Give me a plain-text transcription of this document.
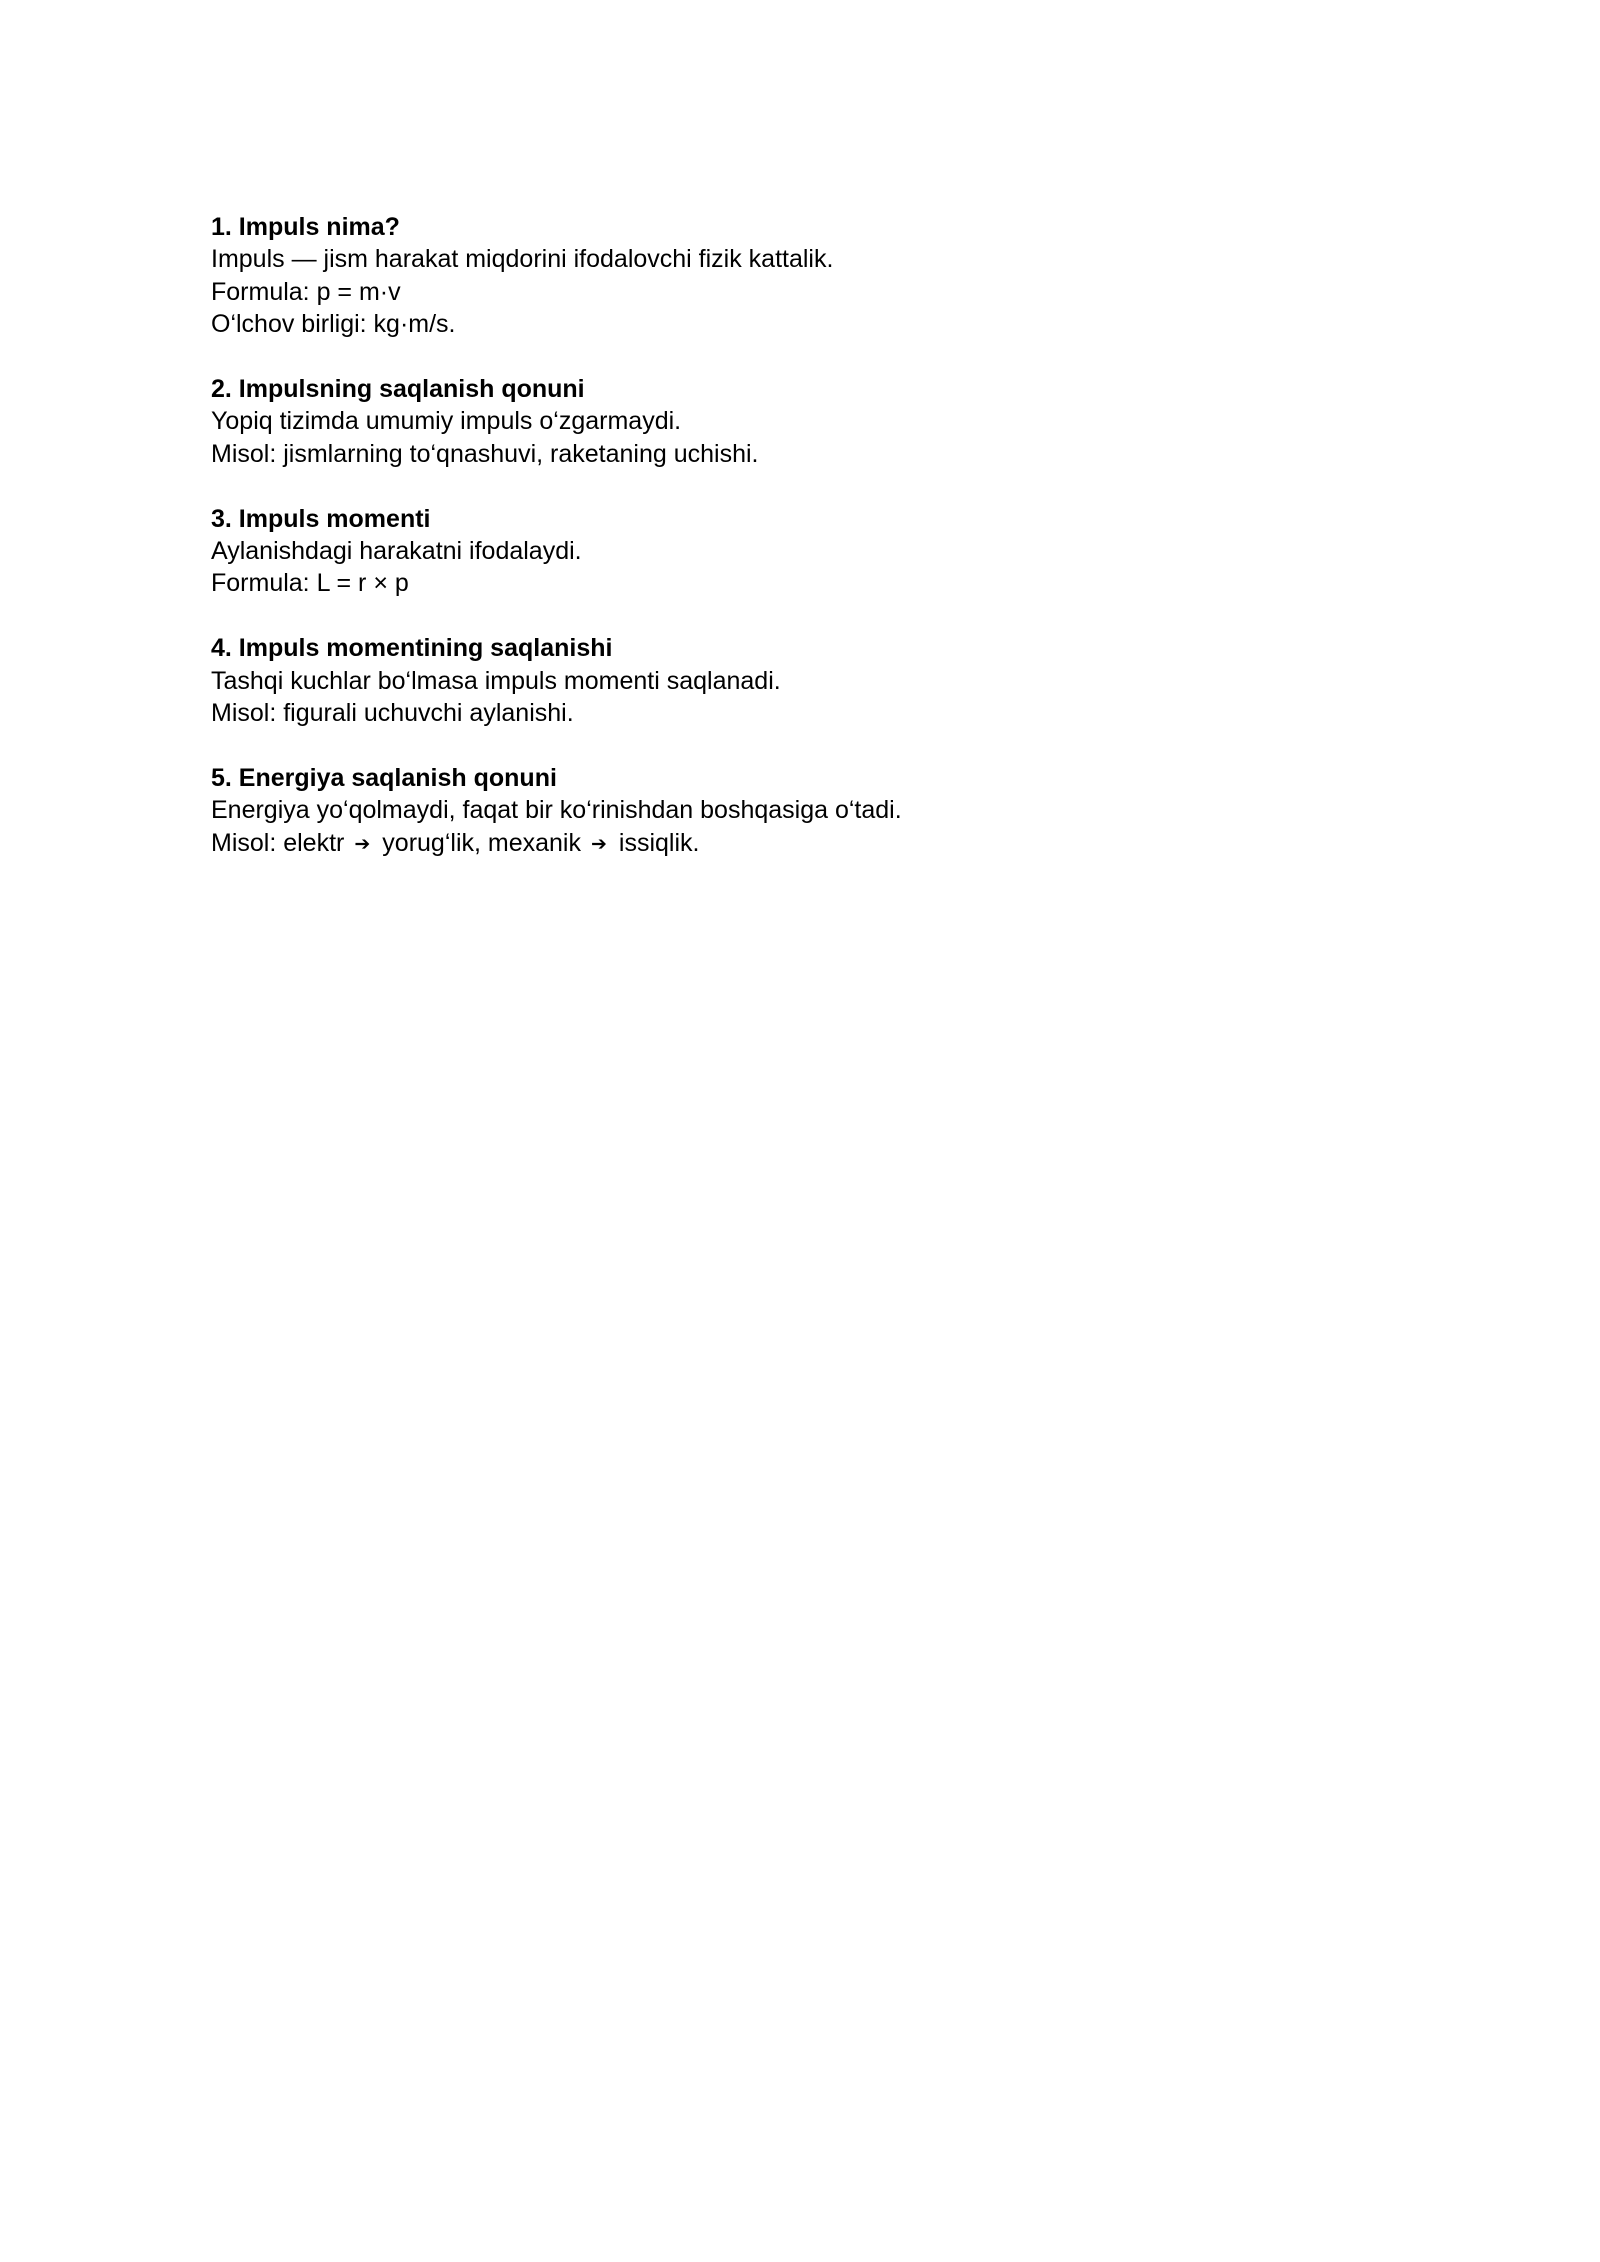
1. Impuls nima?

Impuls — jism harakat miqdorini ifodalovchi fizik kattalik.

Formula: p = m·v

O‘lchov birligi: kg·m/s.

2. Impulsning saqlanish qonuni

Yopiq tizimda umumiy impuls o‘zgarmaydi.

Misol: jismlarning to‘qnashuvi, raketaning uchishi.

3. Impuls momenti

Aylanishdagi harakatni ifodalaydi.

Formula: L = r × p

4. Impuls momentining saqlanishi

Tashqi kuchlar bo‘lmasa impuls momenti saqlanadi.

Misol: figurali uchuvchi aylanishi.

5. Energiya saqlanish qonuni

Energiya yo‘qolmaydi, faqat bir ko‘rinishdan boshqasiga o‘tadi.

Misol: elektr ➔ yorug‘lik, mexanik ➔ issiqlik.
